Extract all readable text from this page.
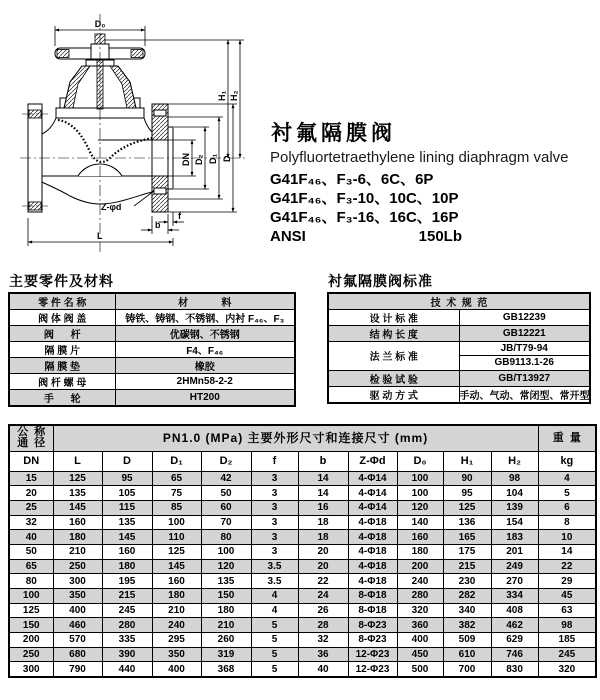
D₀
H₁ H₂
DN D₂ D₁ D
Z-φd
f
b
L
衬氟隔膜阀
Polyfluortetraethylene lining diaphragm valve
G41F₄₆、F₃-6、6C、6P
G41F₄₆、F₃-10、10C、10P
G41F₄₆、F₃-16、16C、16P
ANSI	150Lb
主要零件及材料
零 件 名 称	材            料
阀 体 阀 盖	铸铁、铸钢、不锈钢、内衬 F₄₆、F₃
阀      杆	优碳钢、不锈钢
隔 膜 片	F4、F₄₆
隔 膜 垫	橡胶
阀 杆 螺 母	2HMn58-2-2
手      轮	HT200
衬氟隔膜阀标准
技  术  规  范	
设 计 标 准	GB12239
结 构 长 度	GB12221
法 兰 标 准	JB/T79-94
	GB9113.1-26
检 验 试 验	GB/T13927
驱 动 方 式	手动、气动、常闭型、常开型
公  称
通  径	PN1.0 (MPa) 主要外形尺寸和连接尺寸 (mm)										重  量
DN	L	D	D₁	D₂	f	b	Z-Φd	D₀	H₁	H₂	kg
15	125	95	65	42	3	14	4-Φ14	100	90	98	4
20	135	105	75	50	3	14	4-Φ14	100	95	104	5
25	145	115	85	60	3	16	4-Φ14	120	125	139	6
32	160	135	100	70	3	18	4-Φ18	140	136	154	8
40	180	145	110	80	3	18	4-Φ18	160	165	183	10
50	210	160	125	100	3	20	4-Φ18	180	175	201	14
65	250	180	145	120	3.5	20	4-Φ18	200	215	249	22
80	300	195	160	135	3.5	22	4-Φ18	240	230	270	29
100	350	215	180	150	4	24	8-Φ18	280	282	334	45
125	400	245	210	180	4	26	8-Φ18	320	340	408	63
150	460	280	240	210	5	28	8-Φ23	360	382	462	98
200	570	335	295	260	5	32	8-Φ23	400	509	629	185
250	680	390	350	319	5	36	12-Φ23	450	610	746	245
300	790	440	400	368	5	40	12-Φ23	500	700	830	320
